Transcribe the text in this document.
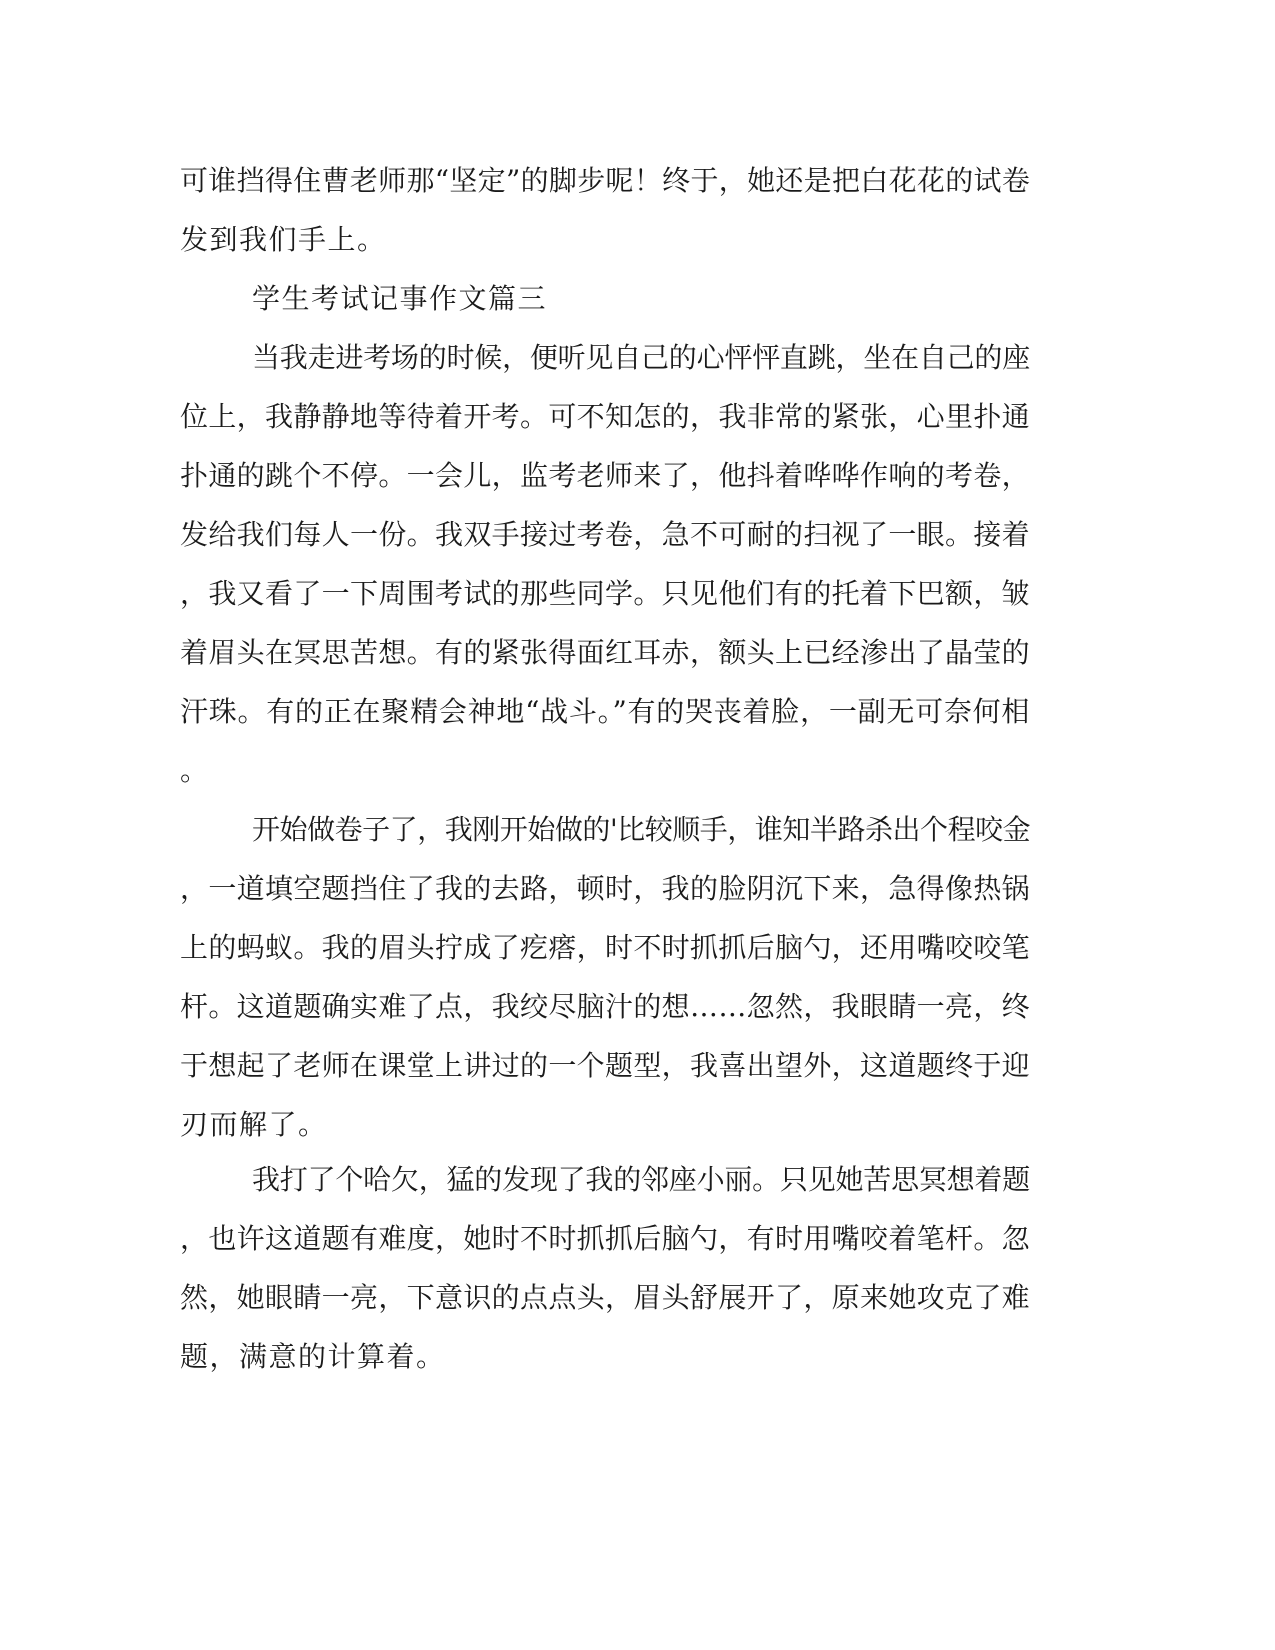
可谁挡得住曹老师那“坚定”的脚步呢！终于，她还是把白花花的试卷
发到我们手上。
学生考试记事作文篇三
当我走进考场的时候，便听见自己的心怦怦直跳，坐在自己的座
位上，我静静地等待着开考。可不知怎的，我非常的紧张，心里扑通
扑通的跳个不停。一会儿，监考老师来了，他抖着哗哗作响的考卷，
发给我们每人一份。我双手接过考卷，急不可耐的扫视了一眼。接着
，我又看了一下周围考试的那些同学。只见他们有的托着下巴额，皱
着眉头在冥思苦想。有的紧张得面红耳赤，额头上已经渗出了晶莹的
汗珠。有的正在聚精会神地“战斗。”有的哭丧着脸，一副无可奈何相
。
开始做卷子了，我刚开始做的'比较顺手，谁知半路杀出个程咬金
，一道填空题挡住了我的去路，顿时，我的脸阴沉下来，急得像热锅
上的蚂蚁。我的眉头拧成了疙瘩，时不时抓抓后脑勺，还用嘴咬咬笔
杆。这道题确实难了点，我绞尽脑汁的想……忽然，我眼睛一亮，终
于想起了老师在课堂上讲过的一个题型，我喜出望外，这道题终于迎
刃而解了。
我打了个哈欠，猛的发现了我的邻座小丽。只见她苦思冥想着题
，也许这道题有难度，她时不时抓抓后脑勺，有时用嘴咬着笔杆。忽
然，她眼睛一亮，下意识的点点头，眉头舒展开了，原来她攻克了难
题，满意的计算着。
